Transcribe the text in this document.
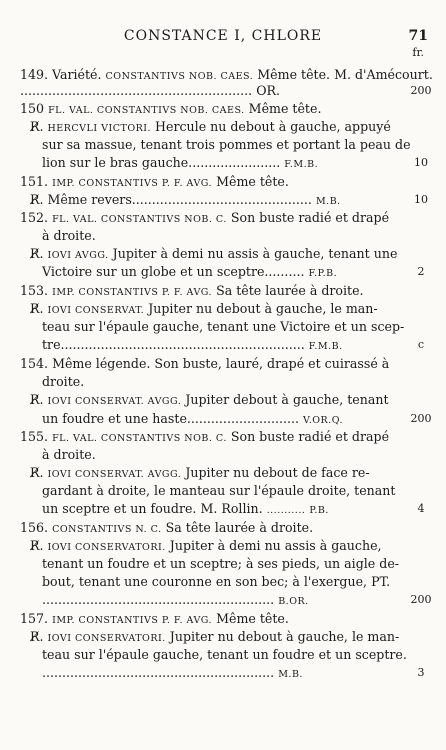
CONSTANCE I, CHLORE	71
fr.
149. Variété. CONSTANTIVS NOB. CAES. Même tête. M. d'Amécourt.
.......................................................... OR.	200
150 FL. VAL. CONSTANTIVS NOB. CAES. Même tête.
R̸. HERCVLI VICTORI. Hercule nu debout à gauche, appuyé
sur sa massue, tenant trois pommes et portant la peau de
lion sur le bras gauche....................... F.M.B.	10
151. IMP. CONSTANTIVS P. F. AVG. Même tête.
R̸. Même revers............................................. M.B.	10
152. FL. VAL. CONSTANTIVS NOB. C. Son buste radié et drapé
à droite.
R̸. IOVI AVGG. Jupiter à demi nu assis à gauche, tenant une
Victoire sur un globe et un sceptre.......... F.P.B.	2
153. IMP. CONSTANTIVS P. F. AVG. Sa tête laurée à droite.
R̸. IOVI CONSERVAT. Jupiter nu debout à gauche, le man-
teau sur l'épaule gauche, tenant une Victoire et un scep-
tre............................................................. F.M.B.	c
154. Même légende. Son buste, lauré, drapé et cuirassé à
droite.
R̸. IOVI CONSERVAT. AVGG. Jupiter debout à gauche, tenant
un foudre et une haste............................ V.OR.Q.	200
155. FL. VAL. CONSTANTIVS NOB. C. Son buste radié et drapé
à droite.
R̸. IOVI CONSERVAT. AVGG. Jupiter nu debout de face re-
gardant à droite, le manteau sur l'épaule droite, tenant
un sceptre et un foudre. M. Rollin. ........... P.B.	4
156. CONSTANTIVS N. C. Sa tête laurée à droite.
R̸. IOVI CONSERVATORI. Jupiter à demi nu assis à gauche,
tenant un foudre et un sceptre; à ses pieds, un aigle de-
bout, tenant une couronne en son bec; à l'exergue, PT.
.......................................................... B.OR.	200
157. IMP. CONSTANTIVS P. F. AVG. Même tête.
R̸. IOVI CONSERVATORI. Jupiter nu debout à gauche, le man-
teau sur l'épaule gauche, tenant un foudre et un sceptre.
.......................................................... M.B.	3
